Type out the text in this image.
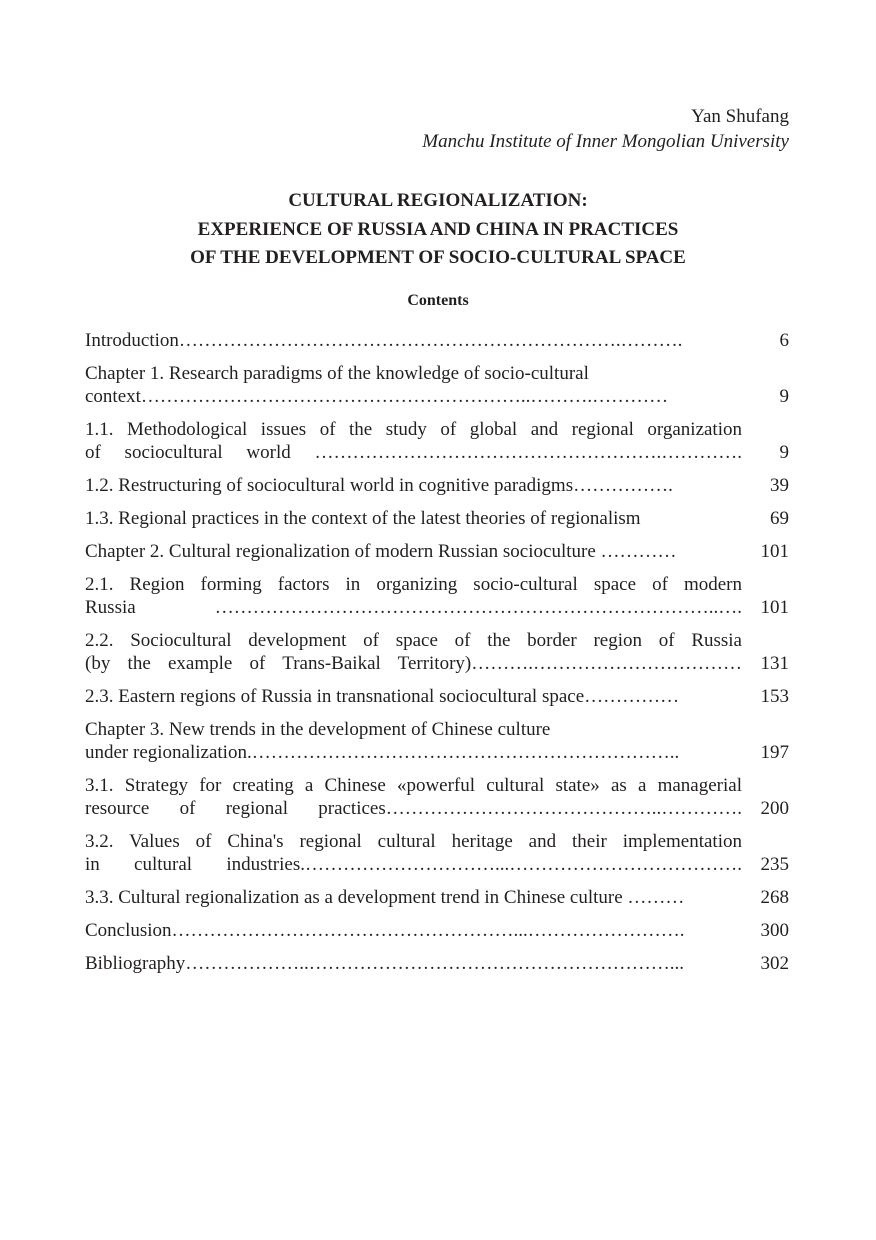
Yan Shufang
Manchu Institute of Inner Mongolian University
CULTURAL REGIONALIZATION:
EXPERIENCE OF RUSSIA AND CHINA IN PRACTICES
OF THE DEVELOPMENT OF SOCIO-CULTURAL SPACE
Contents
Introduction…………………………………………………………….……….	6
Chapter 1. Research paradigms of the knowledge of socio-cultural
context……………………………………………………..……….…………	9
1.1. Methodological issues of the study of global and regional organization
of sociocultural world ……………………………………………….………….	9
1.2. Restructuring of sociocultural world in cognitive paradigms…………….	39
1.3. Regional practices in the context of the latest theories of regionalism	69
Chapter 2. Cultural regionalization of modern Russian socioculture …………	101
2.1. Region forming factors in organizing socio-cultural space of modern
Russia ……………………………………………………………………..…. 101
2.2. Sociocultural development of space of the border region of Russia
(by the example of Trans-Baikal Territory)……….…………………………… 131
2.3. Eastern regions of Russia in transnational sociocultural space……………	153
Chapter 3. New trends in the development of Chinese culture
under regionalization.…………………………………………………………..	197
3.1. Strategy for creating a Chinese «powerful cultural state» as a managerial
resource of regional practices……………………………………..…………. 200
3.2. Values of China's regional cultural heritage and their implementation
in cultural industries.…………………………...………………………………. 235
3.3. Cultural regionalization as a development trend in Chinese culture ………	268
Conclusion………………………………………………...…………………….	300
Bibliography………………..…………………………………………………...	302
